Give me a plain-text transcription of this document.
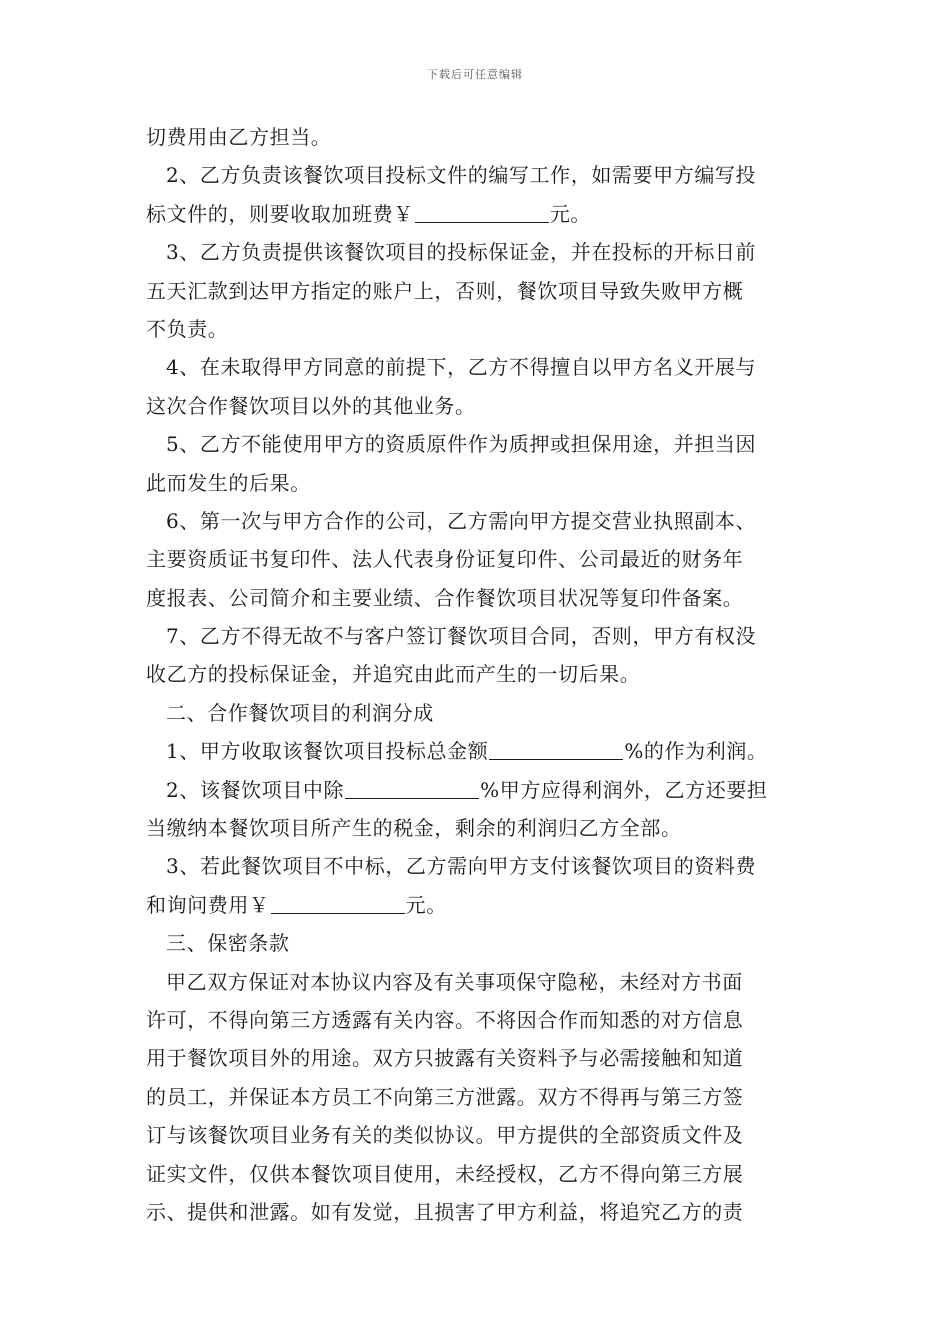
下载后可任意编辑
切费用由乙方担当。
2、乙方负责该餐饮项目投标文件的编写工作，如需要甲方编写投
标文件的，则要收取加班费￥	元。
3、乙方负责提供该餐饮项目的投标保证金，并在投标的开标日前
五天汇款到达甲方指定的账户上，否则，餐饮项目导致失败甲方概
不负责。
4、在未取得甲方同意的前提下，乙方不得擅自以甲方名义开展与
这次合作餐饮项目以外的其他业务。
5、乙方不能使用甲方的资质原件作为质押或担保用途，并担当因
此而发生的后果。
6、第一次与甲方合作的公司，乙方需向甲方提交营业执照副本、
主要资质证书复印件、法人代表身份证复印件、公司最近的财务年
度报表、公司简介和主要业绩、合作餐饮项目状况等复印件备案。
7、乙方不得无故不与客户签订餐饮项目合同，否则，甲方有权没
收乙方的投标保证金，并追究由此而产生的一切后果。
二、合作餐饮项目的利润分成
1、甲方收取该餐饮项目投标总金额	%的作为利润。
2、该餐饮项目中除	%甲方应得利润外，乙方还要担
当缴纳本餐饮项目所产生的税金，剩余的利润归乙方全部。
3、若此餐饮项目不中标，乙方需向甲方支付该餐饮项目的资料费
和询问费用￥	元。
三、保密条款
甲乙双方保证对本协议内容及有关事项保守隐秘，未经对方书面
许可，不得向第三方透露有关内容。不将因合作而知悉的对方信息
用于餐饮项目外的用途。双方只披露有关资料予与必需接触和知道
的员工，并保证本方员工不向第三方泄露。双方不得再与第三方签
订与该餐饮项目业务有关的类似协议。甲方提供的全部资质文件及
证实文件，仅供本餐饮项目使用，未经授权，乙方不得向第三方展
示、提供和泄露。如有发觉，且损害了甲方利益，将追究乙方的责
